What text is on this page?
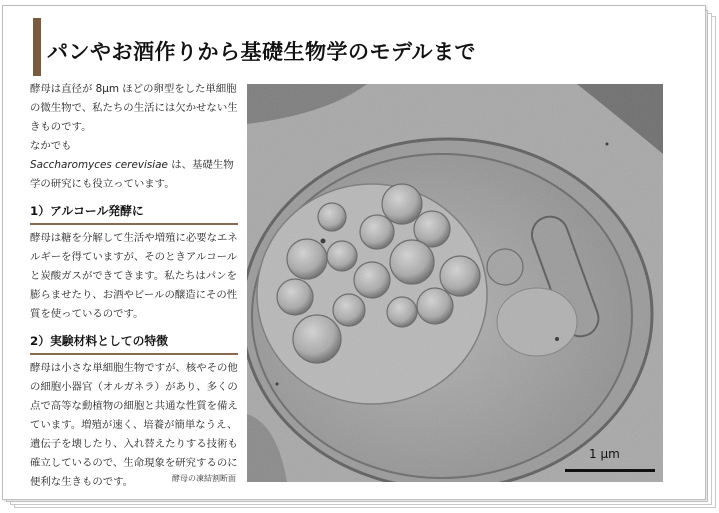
パンやお酒作りから基礎生物学のモデルまで

酵母は直径が 8μm ほどの卵型をした単細胞の微生物で、私たちの生活には欠かせない生きものです。

なかでも
Saccharomyces cerevisiae は、基礎生物学の研究にも役立っています。

1）アルコール発酵に

酵母は糖を分解して生活や増殖に必要なエネルギーを得ていますが、そのときアルコールと炭酸ガスができてきます。私たちはパンを膨らませたり、お酒やビールの醸造にその性質を使っているのです。

2）実験材料としての特徴

酵母は小さな単細胞生物ですが、核やその他の細胞小器官（オルガネラ）があり、多くの点で高等な動植物の細胞と共通な性質を備えています。増殖が速く、培養が簡単なうえ、遺伝子を壊したり、入れ替えたりする技術も確立しているので、生命現象を研究するのに便利な生きものです。	酵母の凍結割断面
1 μm
